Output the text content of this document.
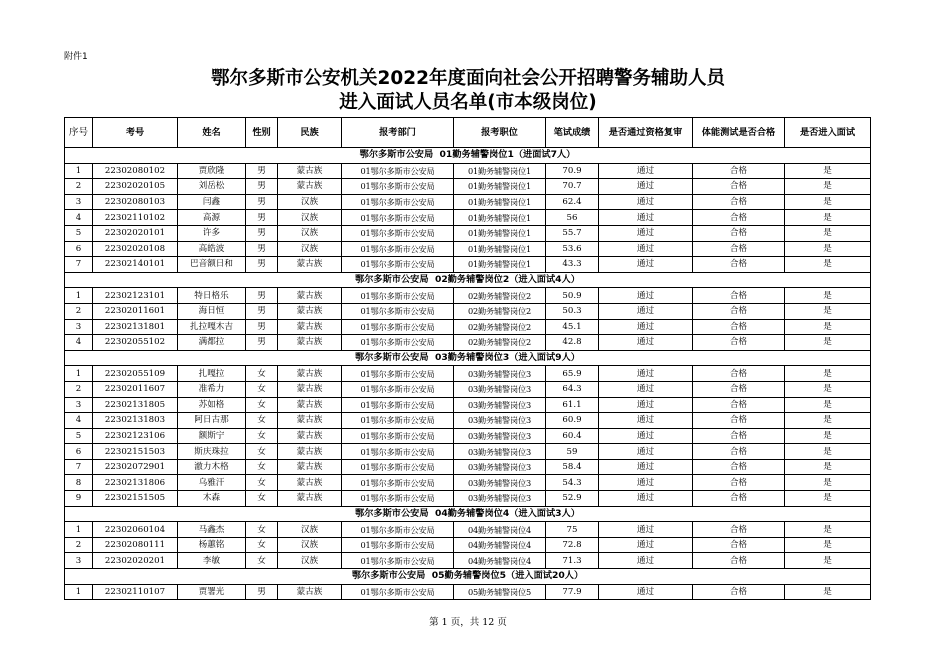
附件1
鄂尔多斯市公安机关2022年度面向社会公开招聘警务辅助人员
进入面试人员名单(市本级岗位)
序号	考号	姓名	性别	民族	报考部门	报考职位	笔试成绩	是否通过资格复审	体能测试是否合格	是否进入面试
鄂尔多斯市公安局  01勤务辅警岗位1（进面试7人）										
1	22302080102	贾欣隆	男	蒙古族	01鄂尔多斯市公安局	01勤务辅警岗位1	70.9	通过	合格	是
2	22302020105	刘岳松	男	蒙古族	01鄂尔多斯市公安局	01勤务辅警岗位1	70.7	通过	合格	是
3	22302080103	闫鑫	男	汉族	01鄂尔多斯市公安局	01勤务辅警岗位1	62.4	通过	合格	是
4	22302110102	高源	男	汉族	01鄂尔多斯市公安局	01勤务辅警岗位1	56	通过	合格	是
5	22302020101	许多	男	汉族	01鄂尔多斯市公安局	01勤务辅警岗位1	55.7	通过	合格	是
6	22302020108	高皓波	男	汉族	01鄂尔多斯市公安局	01勤务辅警岗位1	53.6	通过	合格	是
7	22302140101	巴音额日和	男	蒙古族	01鄂尔多斯市公安局	01勤务辅警岗位1	43.3	通过	合格	是
鄂尔多斯市公安局  02勤务辅警岗位2（进入面试4人）										
1	22302123101	特日格乐	男	蒙古族	01鄂尔多斯市公安局	02勤务辅警岗位2	50.9	通过	合格	是
2	22302011601	海日恒	男	蒙古族	01鄂尔多斯市公安局	02勤务辅警岗位2	50.3	通过	合格	是
3	22302131801	扎拉嘎木吉	男	蒙古族	01鄂尔多斯市公安局	02勤务辅警岗位2	45.1	通过	合格	是
4	22302055102	满都拉	男	蒙古族	01鄂尔多斯市公安局	02勤务辅警岗位2	42.8	通过	合格	是
鄂尔多斯市公安局  03勤务辅警岗位3（进入面试9人）										
1	22302055109	扎嘎拉	女	蒙古族	01鄂尔多斯市公安局	03勤务辅警岗位3	65.9	通过	合格	是
2	22302011607	准希力	女	蒙古族	01鄂尔多斯市公安局	03勤务辅警岗位3	64.3	通过	合格	是
3	22302131805	苏如格	女	蒙古族	01鄂尔多斯市公安局	03勤务辅警岗位3	61.1	通过	合格	是
4	22302131803	阿日古那	女	蒙古族	01鄂尔多斯市公安局	03勤务辅警岗位3	60.9	通过	合格	是
5	22302123106	额斯宁	女	蒙古族	01鄂尔多斯市公安局	03勤务辅警岗位3	60.4	通过	合格	是
6	22302151503	斯庆珠拉	女	蒙古族	01鄂尔多斯市公安局	03勤务辅警岗位3	59	通过	合格	是
7	22302072901	澈力木格	女	蒙古族	01鄂尔多斯市公安局	03勤务辅警岗位3	58.4	通过	合格	是
8	22302131806	乌雅汗	女	蒙古族	01鄂尔多斯市公安局	03勤务辅警岗位3	54.3	通过	合格	是
9	22302151505	木森	女	蒙古族	01鄂尔多斯市公安局	03勤务辅警岗位3	52.9	通过	合格	是
鄂尔多斯市公安局  04勤务辅警岗位4（进入面试3人）										
1	22302060104	马鑫杰	女	汉族	01鄂尔多斯市公安局	04勤务辅警岗位4	75	通过	合格	是
2	22302080111	杨蕙铭	女	汉族	01鄂尔多斯市公安局	04勤务辅警岗位4	72.8	通过	合格	是
3	22302020201	李敏	女	汉族	01鄂尔多斯市公安局	04勤务辅警岗位4	71.3	通过	合格	是
鄂尔多斯市公安局  05勤务辅警岗位5（进入面试20人）										
1	22302110107	贾署光	男	蒙古族	01鄂尔多斯市公安局	05勤务辅警岗位5	77.9	通过	合格	是
第 1 页，共 12 页
